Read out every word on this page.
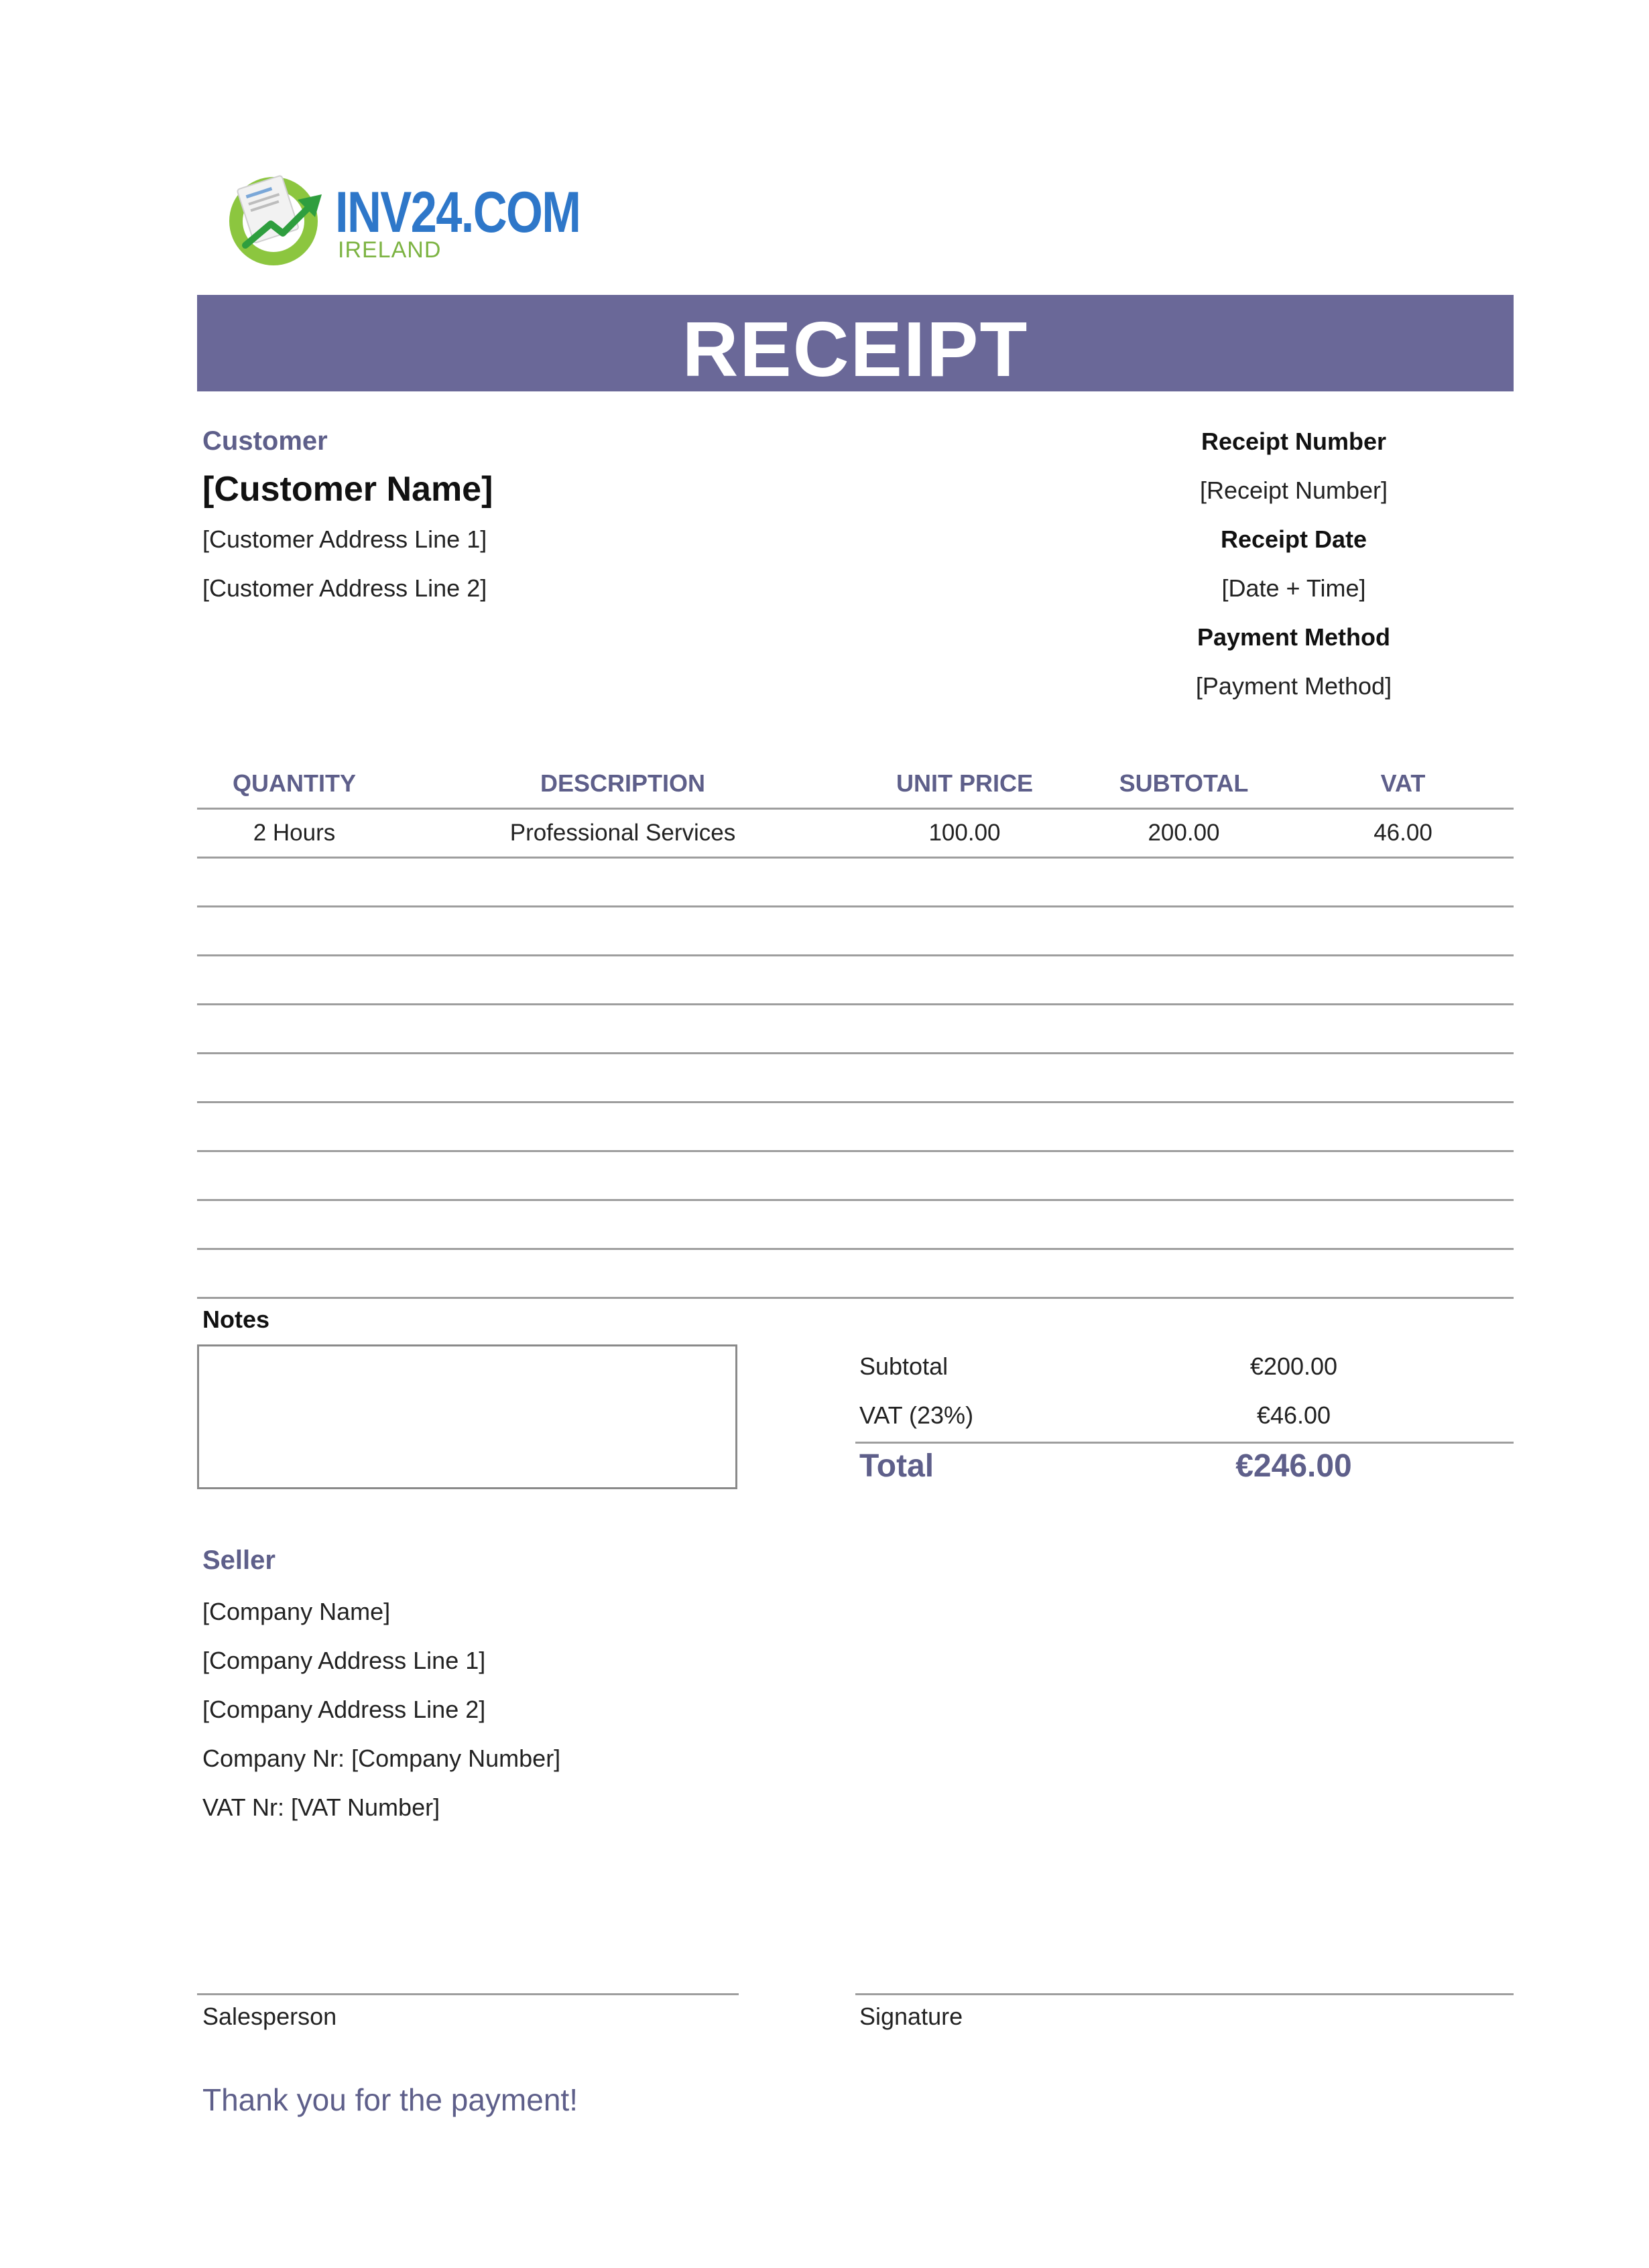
INV24.COM
IRELAND
RECEIPT
Customer
[Customer Name]
[Customer Address Line 1]
[Customer Address Line 2]
Receipt Number
[Receipt Number]
Receipt Date
[Date + Time]
Payment Method
[Payment Method]
QUANTITY	DESCRIPTION	UNIT PRICE	SUBTOTAL	VAT
2 Hours	Professional Services	100.00	200.00	46.00

Notes
Subtotal	€200.00
VAT (23%)	€46.00
Total	€246.00
Seller
[Company Name]
[Company Address Line 1]
[Company Address Line 2]
Company Nr: [Company Number]
VAT Nr: [VAT Number]
Salesperson	Signature
Thank you for the payment!
